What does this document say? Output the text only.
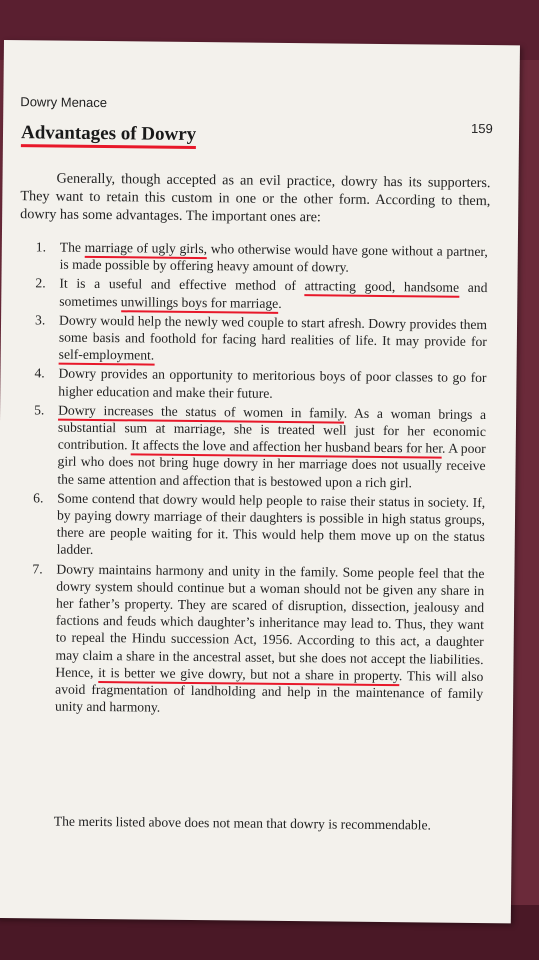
Dowry Menace
159
Advantages of Dowry

Generally, though accepted as an evil practice, dowry has its supporters. They want to retain this custom in one or the other form. According to them, dowry has some advantages. The important ones are:

1. The marriage of ugly girls, who otherwise would have gone without a partner, is made possible by offering heavy amount of dowry.
2. It is a useful and effective method of attracting good, handsome and sometimes unwillings boys for marriage.
3. Dowry would help the newly wed couple to start afresh. Dowry provides them some basis and foothold for facing hard realities of life. It may provide for self-employment.
4. Dowry provides an opportunity to meritorious boys of poor classes to go for higher education and make their future.
5. Dowry increases the status of women in family. As a woman brings a substantial sum at marriage, she is treated well just for her economic contribution. It affects the love and affection her husband bears for her. A poor girl who does not bring huge dowry in her marriage does not usually receive the same attention and affection that is bestowed upon a rich girl.
6. Some contend that dowry would help people to raise their status in society. If, by paying dowry marriage of their daughters is possible in high status groups, there are people waiting for it. This would help them move up on the status ladder.
7. Dowry maintains harmony and unity in the family. Some people feel that the dowry system should continue but a woman should not be given any share in her father’s property. They are scared of disruption, dissection, jealousy and factions and feuds which daughter’s inheritance may lead to. Thus, they want to repeal the Hindu succession Act, 1956. According to this act, a daughter may claim a share in the ancestral asset, but she does not accept the liabilities. Hence, it is better we give dowry, but not a share in property. This will also avoid fragmentation of landholding and help in the maintenance of family unity and harmony.

The merits listed above does not mean that dowry is recommendable.
